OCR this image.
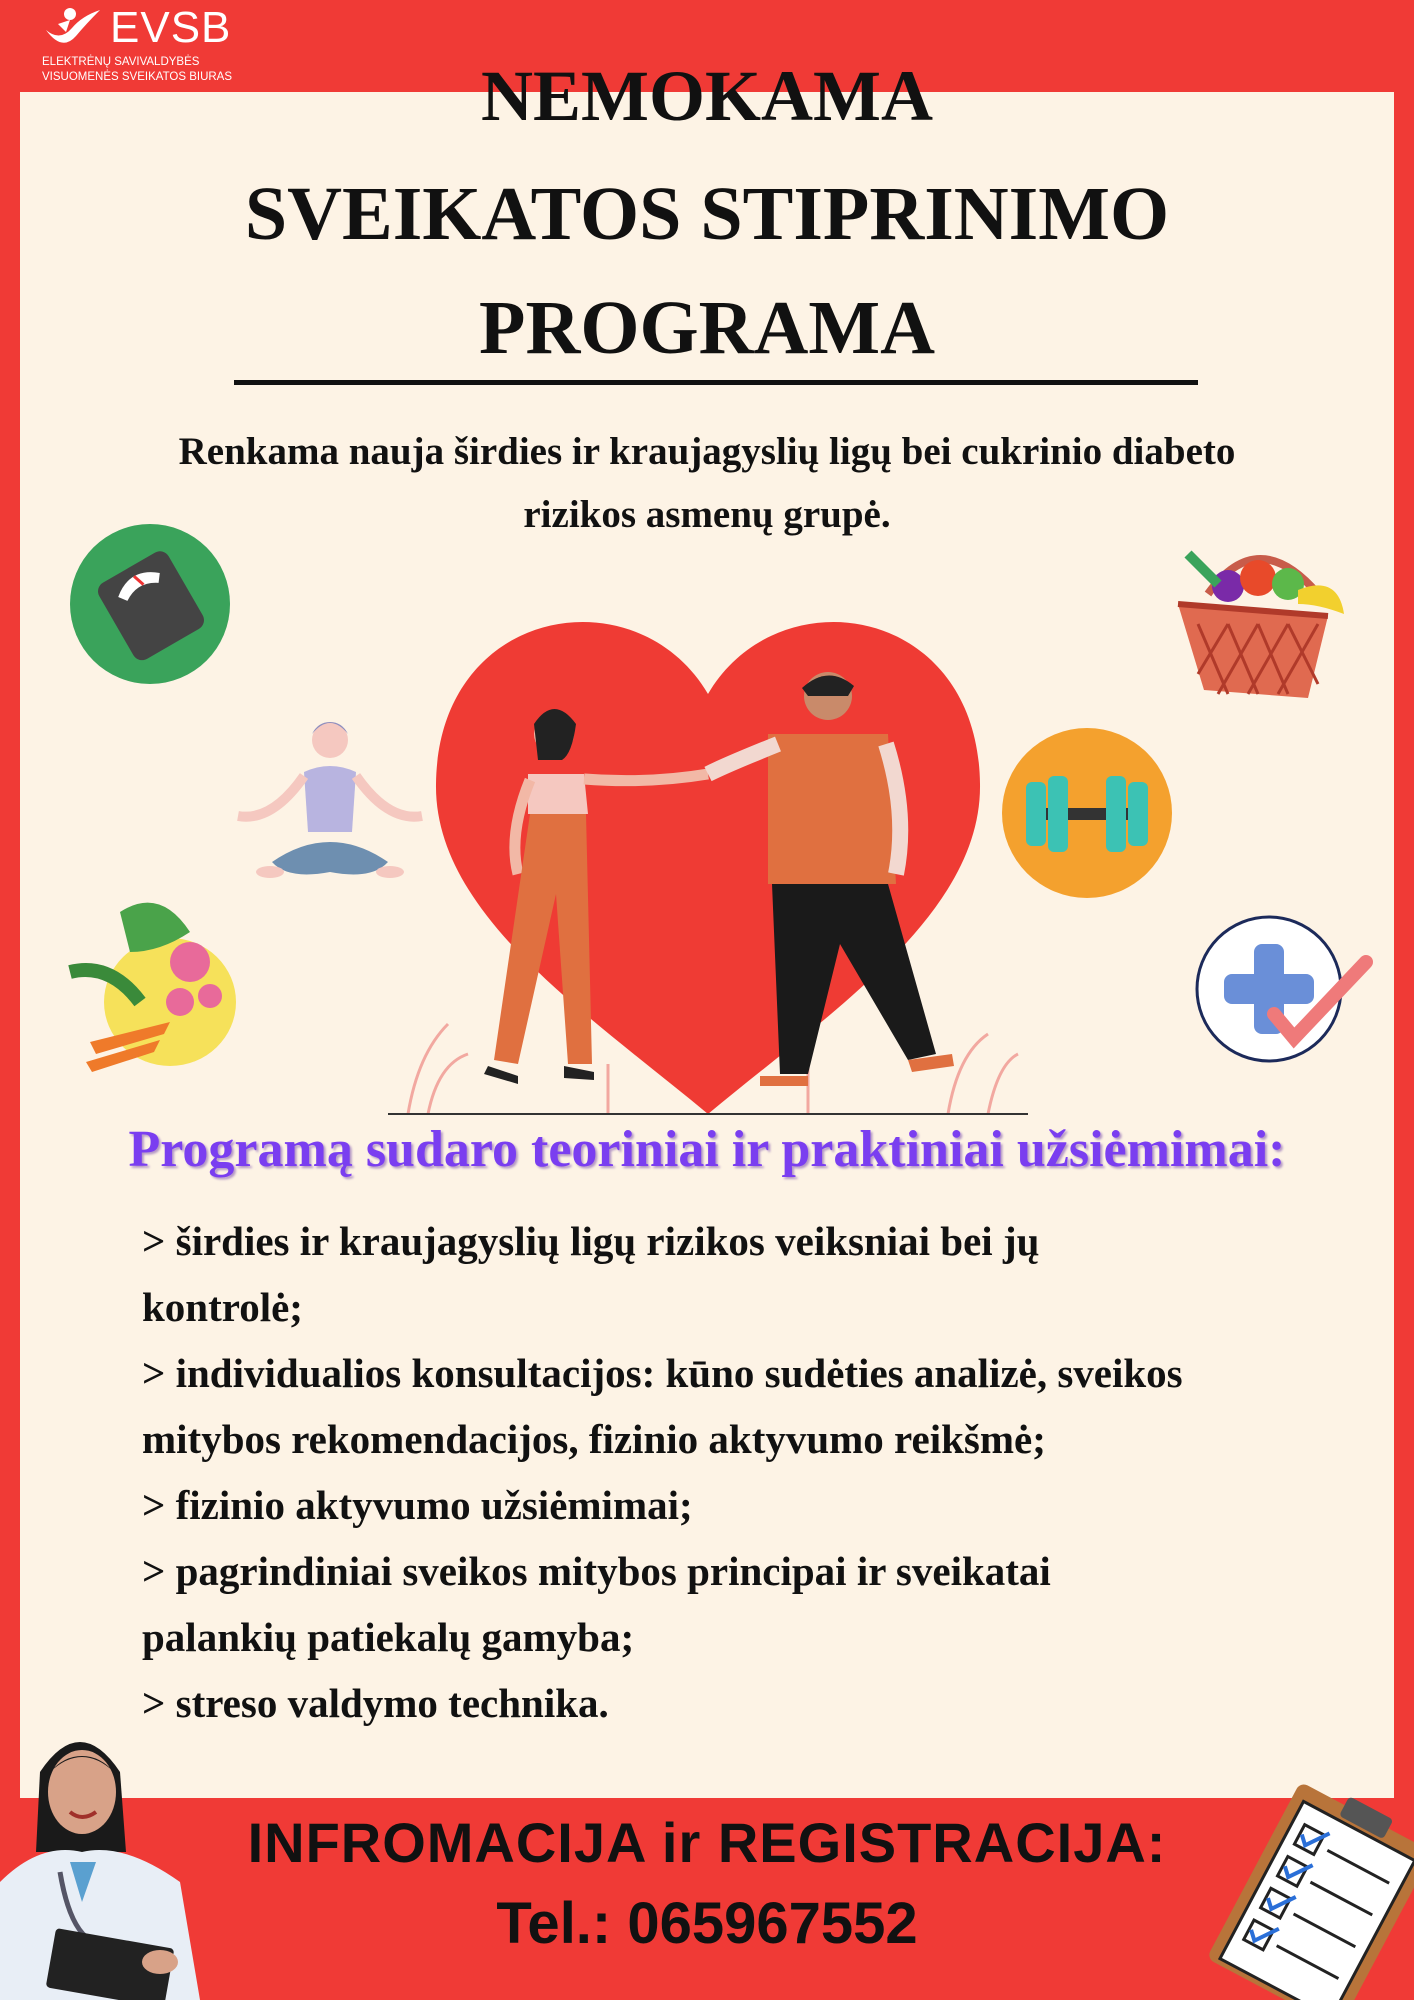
EVSB
ELEKTRĖNŲ SAVIVALDYBĖS
VISUOMENĖS SVEIKATOS BIURAS	NEMOKAMA
SVEIKATOS STIPRINIMO
PROGRAMA
Renkama nauja širdies ir kraujagyslių ligų bei cukrinio diabeto
rizikos asmenų grupė.
Programą sudaro teoriniai ir praktiniai užsiėmimai:
> širdies ir kraujagyslių ligų rizikos veiksniai bei jų
kontrolė;
> individualios konsultacijos: kūno sudėties analizė, sveikos
mitybos rekomendacijos, fizinio aktyvumo reikšmė;
> fizinio aktyvumo užsiėmimai;
> pagrindiniai sveikos mitybos principai ir sveikatai
palankių patiekalų gamyba;
> streso valdymo technika.
INFROMACIJA ir REGISTRACIJA:
Tel.: 065967552
